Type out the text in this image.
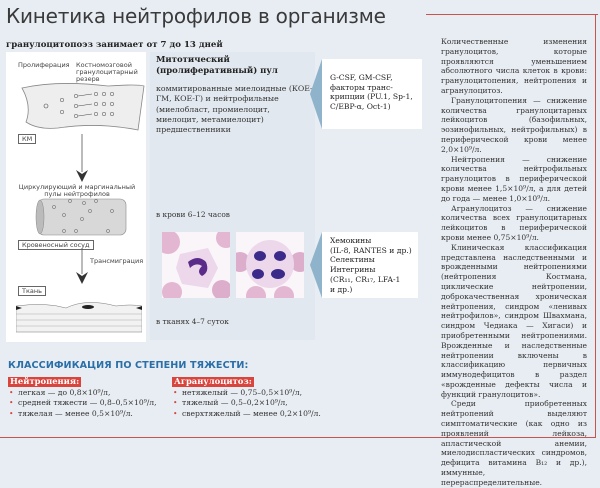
Кинетика нейтрофилов в организме
гранулоцитопоэз занимает от 7 до 13 дней
Пролиферация Костномозговой гранулоцитарный резерв
КМ
Циркулирующий и маргинальный пулы нейтрофилов
Кровеносный сосуд
Трансмиграция
Ткань
Митотический (пролиферативный) пул

коммитированные миелоидные (КОЕ-ГМ, КОЕ-Г) и нейтрофильные (миелобласт, промиелоцит, миелоцит, метамиелоцит) предшественники

в крови 6–12 часов
в тканях 4–7 суток

G-CSF, GM-CSF, факторы транс-крипции (PU.1, Sp-1, C/EBP-α, Oct-1)

Хемокины
(IL-8, RANTES и др.)
Селектины
Интегрины
(CR₁₁, CR₁₇, LFA-1
и др.)

Количественные изменения гранулоцитов, которые проявляются уменьшением абсолютного числа клеток в крови: гранулоцитопения, нейтропения и агранулоцитоз.

Гранулоцитопения — снижение количества гранулоцитарных лейкоцитов (базофильных, эозинофильных, нейтрофильных) в периферической крови менее 2,0×10⁹/л.

Нейтропения — снижение количества нейтрофильных гранулоцитов в периферической крови менее 1,5×10⁹/л, а для детей до года — менее 1,0×10⁹/л.

Агранулоцитоз — снижение количества всех гранулоцитарных лейкоцитов в периферической крови менее 0,75×10⁹/л.

Клиническая классификация представлена наследственными и врожденными нейтропениями (нейтропения Костмана, циклические нейтропении, доброкачественная хроническая нейтропения, синдром «ленивых нейтрофилов», синдром Швахмана, синдром Чедиака — Хигаси) и приобретенными нейтропениями. Врожденные и наследственные нейтропении включены в классификацию первичных иммунодефицитов в раздел «врожденные дефекты числа и функций гранулоцитов».

Среди приобретенных нейтропений выделяют симптоматические (как одно из проявлений лейкоза, апластической анемии, миелодиспластических синдромов, дефицита витамина B₁₂ и др.), иммунные, перераспределительные.

КЛАССИФИКАЦИЯ ПО СТЕПЕНИ ТЯЖЕСТИ:
Нейтропения:
• легкая — до 0,8×10⁹/л,
• средней тяжести — 0,8–0,5×10⁹/л,
• тяжелая — менее 0,5×10⁹/л.
Агранулоцитоз:
• нетяжелый — 0,75–0,5×10⁹/л,
• тяжелый — 0,5–0,2×10⁹/л,
• сверхтяжелый — менее 0,2×10⁹/л.
